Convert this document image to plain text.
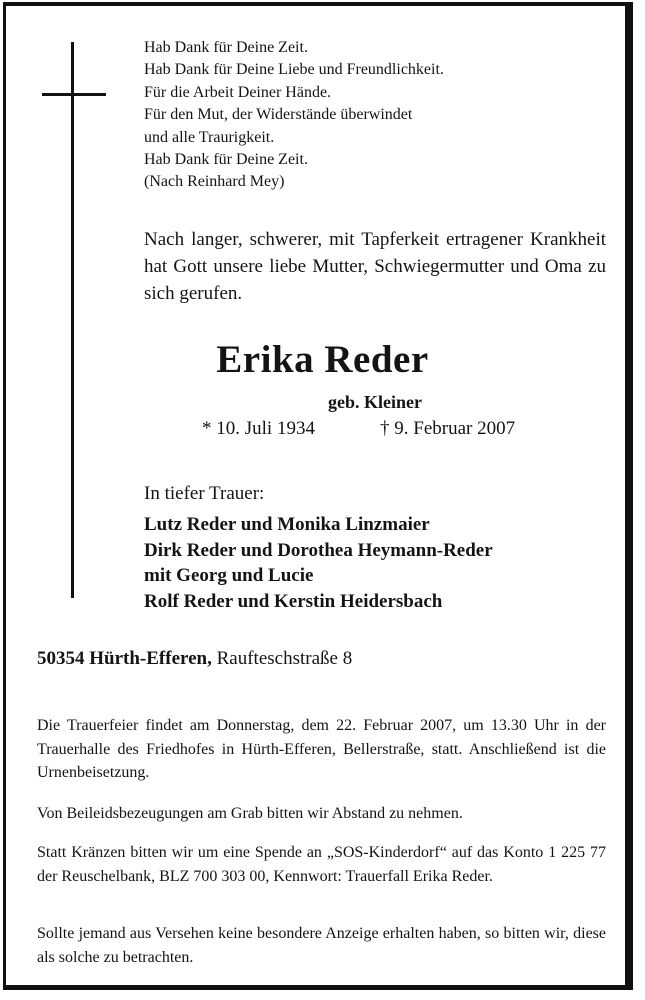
Hab Dank für Deine Zeit.
Hab Dank für Deine Liebe und Freundlichkeit.
Für die Arbeit Deiner Hände.
Für den Mut, der Widerstände überwindet
und alle Traurigkeit.
Hab Dank für Deine Zeit.
(Nach Reinhard Mey)
Nach langer, schwerer, mit Tapferkeit ertragener Krankheit hat Gott unsere liebe Mutter, Schwiegermutter und Oma zu sich gerufen.
Erika Reder
geb. Kleiner
* 10. Juli 1934	† 9. Februar 2007
In tiefer Trauer:
Lutz Reder und Monika Linzmaier
Dirk Reder und Dorothea Heymann-Reder
mit Georg und Lucie
Rolf Reder und Kerstin Heidersbach
50354 Hürth-Efferen, Raufteschstraße 8
Die Trauerfeier findet am Donnerstag, dem 22. Februar 2007, um 13.30 Uhr in der Trauerhalle des Friedhofes in Hürth-Efferen, Bellerstraße, statt. Anschließend ist die Urnenbeisetzung.
Von Beileidsbezeugungen am Grab bitten wir Abstand zu nehmen.
Statt Kränzen bitten wir um eine Spende an „SOS-Kinderdorf“ auf das Konto 1 225 77 der Reuschelbank, BLZ 700 303 00, Kennwort: Trauerfall Erika Reder.
Sollte jemand aus Versehen keine besondere Anzeige erhalten haben, so bitten wir, diese als solche zu betrachten.
